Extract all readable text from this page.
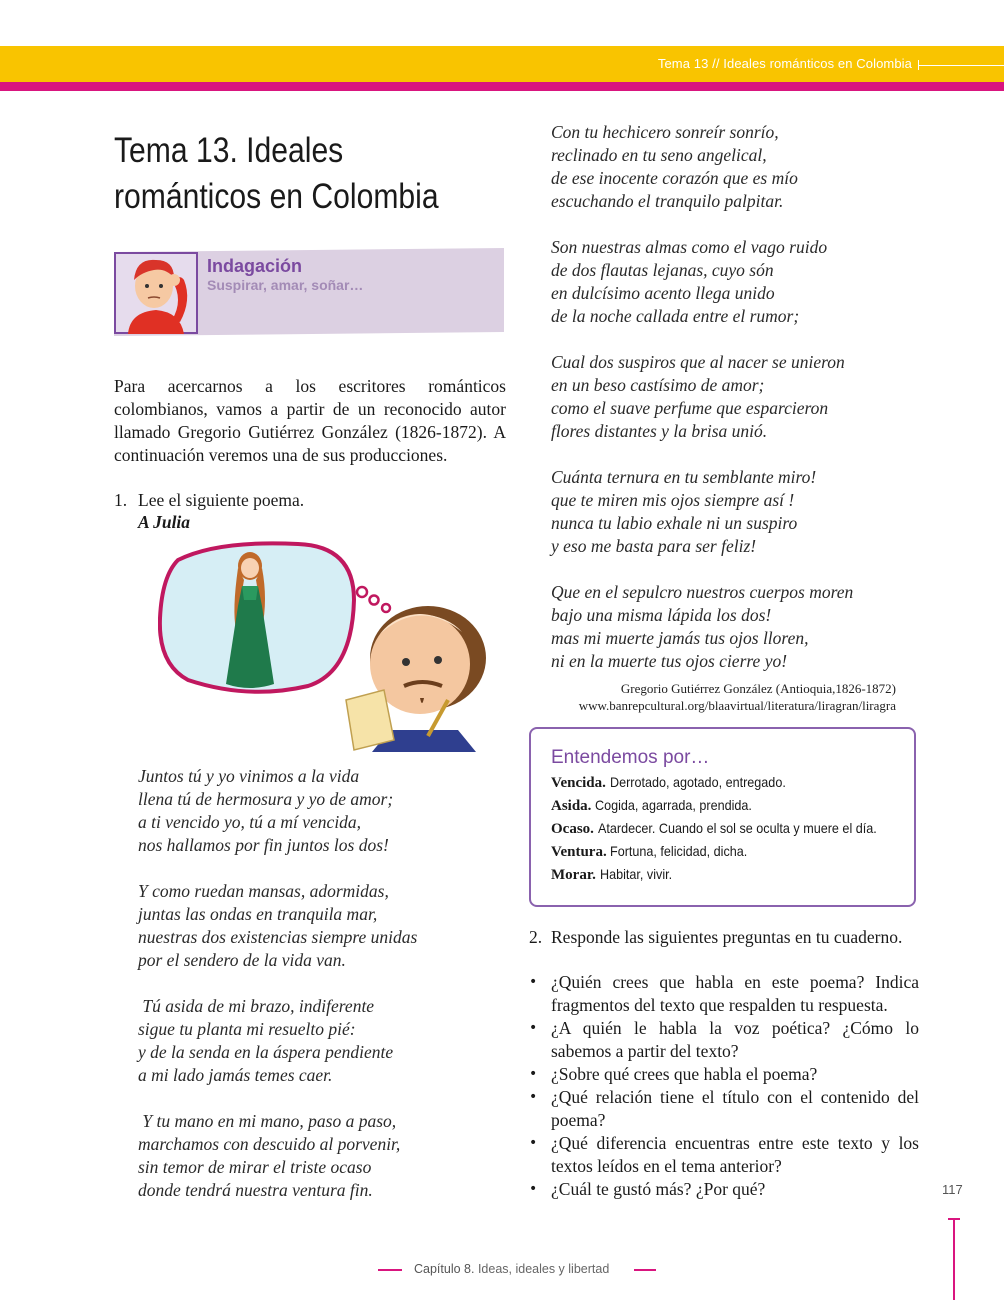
Tema 13 // Ideales románticos en Colombia
Tema 13. Ideales
románticos en Colombia
Indagación
Suspirar, amar, soñar…
Para acercarnos a los escritores románticos colombianos, vamos a partir de un reconocido autor llamado Gregorio Gutiérrez González (1826-1872). A continuación veremos una de sus producciones.
1. Lee el siguiente poema.
A Julia
Juntos tú y yo vinimos a la vida
llena tú de hermosura y yo de amor;
a ti vencido yo, tú a mí vencida,
nos hallamos por fin juntos los dos!
Y como ruedan mansas, adormidas,
juntas las ondas en tranquila mar,
nuestras dos existencias siempre unidas
por el sendero de la vida van.
Tú asida de mi brazo, indiferente
sigue tu planta mi resuelto pié:
y de la senda en la áspera pendiente
a mi lado jamás temes caer.
Y tu mano en mi mano, paso a paso,
marchamos con descuido al porvenir,
sin temor de mirar el triste ocaso
donde tendrá nuestra ventura fin.
Con tu hechicero sonreír sonrío,
reclinado en tu seno angelical,
de ese inocente corazón que es mío
escuchando el tranquilo palpitar.
Son nuestras almas como el vago ruido
de dos flautas lejanas, cuyo són
en dulcísimo acento llega unido
de la noche callada entre el rumor;
Cual dos suspiros que al nacer se unieron
en un beso castísimo de amor;
como el suave perfume que esparcieron
flores distantes y la brisa unió.
Cuánta ternura en tu semblante miro!
que te miren mis ojos siempre así !
nunca tu labio exhale ni un suspiro
y eso me basta para ser feliz!
Que en el sepulcro nuestros cuerpos moren
bajo una misma lápida los dos!
mas mi muerte jamás tus ojos lloren,
ni en la muerte tus ojos cierre yo!
Gregorio Gutiérrez González (Antioquia,1826-1872)
www.banrepcultural.org/blaavirtual/literatura/liragran/liragra
Entendemos por…
Vencida. Derrotado, agotado, entregado.
Asida. Cogida, agarrada, prendida.
Ocaso. Atardecer. Cuando el sol se oculta y muere el día.
Ventura. Fortuna, felicidad, dicha.
Morar. Habitar, vivir.
2. Responde las siguientes preguntas en tu cuaderno.
• ¿Quién crees que habla en este poema? Indica fragmentos del texto que respalden tu respuesta.
• ¿A quién le habla la voz poética? ¿Cómo lo sabemos a partir del texto?
• ¿Sobre qué crees que habla el poema?
• ¿Qué relación tiene el título con el contenido del poema?
• ¿Qué diferencia encuentras entre este texto y los textos leídos en el tema anterior?
• ¿Cuál te gustó más? ¿Por qué?	117
Capítulo 8. Ideas, ideales y libertad
